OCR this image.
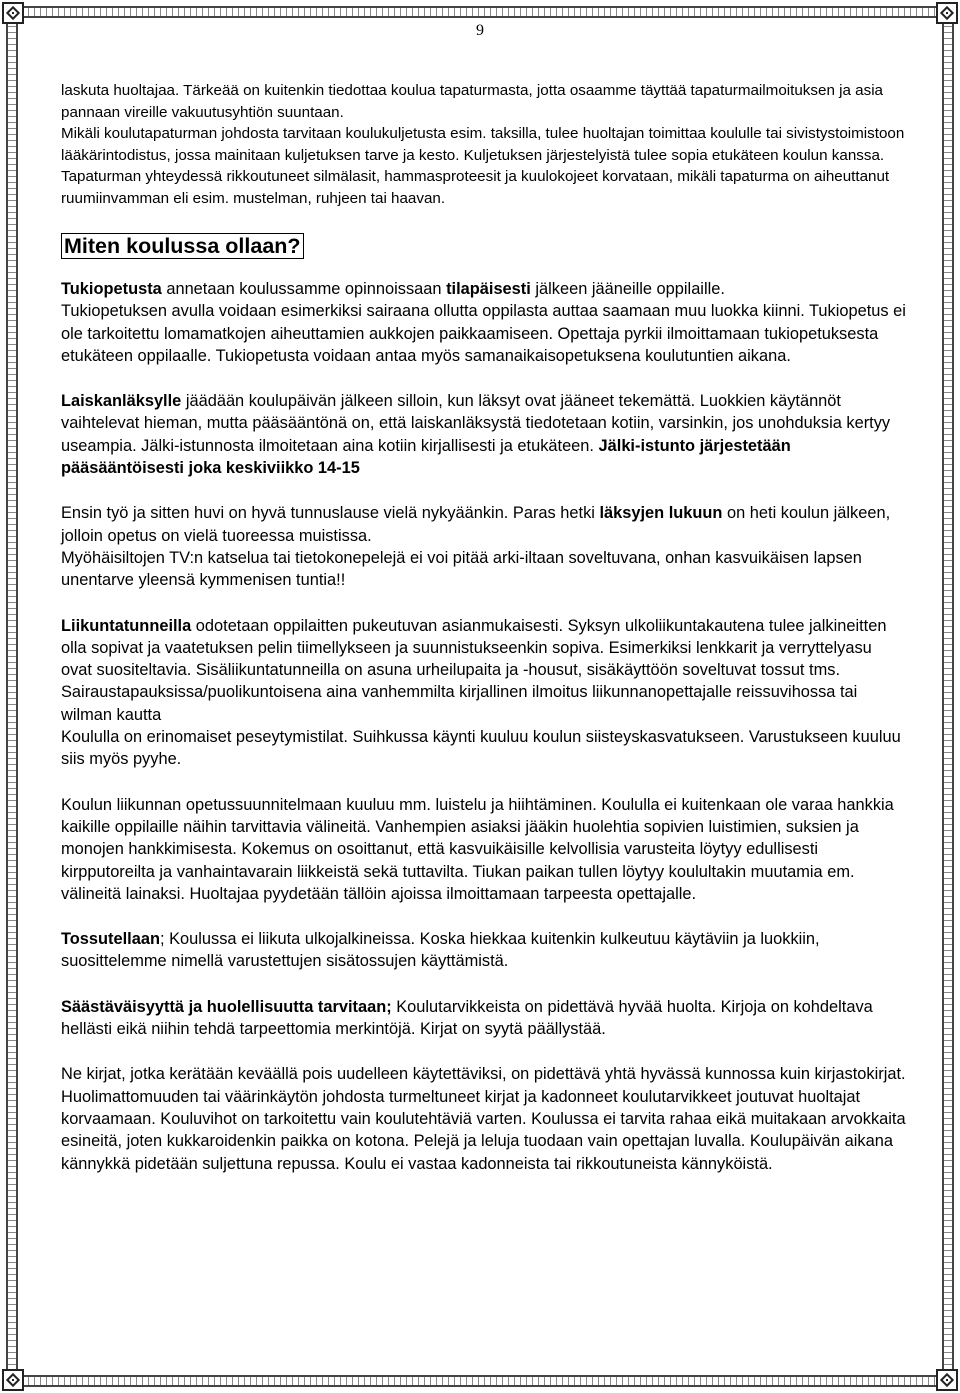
9

laskuta huoltajaa. Tärkeää on kuitenkin tiedottaa koulua tapaturmasta, jotta osaamme täyttää tapaturmailmoituksen ja asia pannaan vireille vakuutusyhtiön suuntaan.

Mikäli koulutapaturman johdosta tarvitaan koulukuljetusta esim. taksilla, tulee huoltajan toimittaa koululle tai sivistystoimistoon lääkärintodistus, jossa mainitaan kuljetuksen tarve ja kesto. Kuljetuksen järjestelyistä tulee sopia etukäteen koulun kanssa.

Tapaturman yhteydessä rikkoutuneet silmälasit, hammasproteesit ja kuulokojeet korvataan, mikäli tapaturma on aiheuttanut ruumiinvamman eli esim. mustelman, ruhjeen tai haavan.

Miten koulussa ollaan?

Tukiopetusta annetaan koulussamme opinnoissaan tilapäisesti jälkeen jääneille oppilaille.
Tukiopetuksen avulla voidaan esimerkiksi sairaana ollutta oppilasta auttaa saamaan muu luokka kiinni. Tukiopetus ei ole tarkoitettu lomamatkojen aiheuttamien aukkojen paikkaamiseen. Opettaja pyrkii ilmoittamaan tukiopetuksesta etukäteen oppilaalle. Tukiopetusta voidaan antaa myös samanaikaisopetuksena koulutuntien aikana.

Laiskanläksylle jäädään koulupäivän jälkeen silloin, kun läksyt ovat jääneet tekemättä. Luokkien käytännöt vaihtelevat hieman, mutta pääsääntönä on, että laiskanläksystä tiedotetaan kotiin, varsinkin, jos unohduksia kertyy useampia. Jälki-istunnosta ilmoitetaan aina kotiin kirjallisesti ja etukäteen. Jälki-istunto järjestetään pääsääntöisesti joka keskiviikko 14-15

Ensin työ ja sitten huvi on hyvä tunnuslause vielä nykyäänkin. Paras hetki läksyjen lukuun on heti koulun jälkeen, jolloin opetus on vielä tuoreessa muistissa.
Myöhäisiltojen TV:n katselua tai tietokonepelejä ei voi pitää arki-iltaan soveltuvana, onhan kasvuikäisen lapsen unentarve yleensä kymmenisen tuntia!!

Liikuntatunneilla odotetaan oppilaitten pukeutuvan asianmukaisesti. Syksyn ulkoliikuntakautena tulee jalkineitten olla sopivat ja vaatetuksen pelin tiimellykseen ja suunnistukseenkin sopiva. Esimerkiksi lenkkarit ja verryttelyasu ovat suositeltavia. Sisäliikuntatunneilla on asuna urheilupaita ja -housut, sisäkäyttöön soveltuvat tossut tms. Sairaustapauksissa/puolikuntoisena aina vanhemmilta kirjallinen ilmoitus liikunnanopettajalle reissuvihossa tai wilman kautta
Koululla on erinomaiset peseytymistilat. Suihkussa käynti kuuluu koulun siisteyskasvatukseen. Varustukseen kuuluu siis myös pyyhe.

Koulun liikunnan opetussuunnitelmaan kuuluu mm. luistelu ja hiihtäminen. Koululla ei kuitenkaan ole varaa hankkia kaikille oppilaille näihin tarvittavia välineitä. Vanhempien asiaksi jääkin huolehtia sopivien luistimien, suksien ja monojen hankkimisesta. Kokemus on osoittanut, että kasvuikäisille kelvollisia varusteita löytyy edullisesti kirpputoreilta ja vanhaintavarain liikkeistä sekä tuttavilta. Tiukan paikan tullen löytyy koulultakin muutamia em. välineitä lainaksi. Huoltajaa pyydetään tällöin ajoissa ilmoittamaan tarpeesta opettajalle.

Tossutellaan; Koulussa ei liikuta ulkojalkineissa. Koska hiekkaa kuitenkin kulkeutuu käytäviin ja luokkiin, suosittelemme nimellä varustettujen sisätossujen käyttämistä.

Säästäväisyyttä ja huolellisuutta tarvitaan; Koulutarvikkeista on pidettävä hyvää huolta. Kirjoja on kohdeltava hellästi eikä niihin tehdä tarpeettomia merkintöjä. Kirjat on syytä päällystää.

Ne kirjat, jotka kerätään keväällä pois uudelleen käytettäviksi, on pidettävä yhtä hyvässä kunnossa kuin kirjastokirjat. Huolimattomuuden tai väärinkäytön johdosta turmeltuneet kirjat ja kadonneet koulutarvikkeet joutuvat huoltajat korvaamaan. Kouluvihot on tarkoitettu vain koulutehtäviä varten. Koulussa ei tarvita rahaa eikä muitakaan arvokkaita esineitä, joten kukkaroidenkin paikka on kotona. Pelejä ja leluja tuodaan vain opettajan luvalla. Koulupäivän aikana kännykkä pidetään suljettuna repussa. Koulu ei vastaa kadonneista tai rikkoutuneista kännyköistä.
